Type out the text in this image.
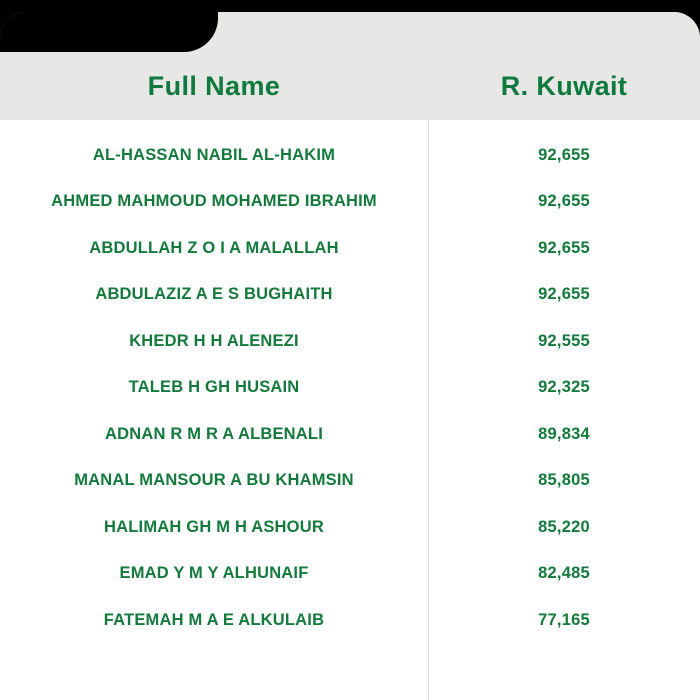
Full Name	R. Kuwait
AL-HASSAN NABIL AL-HAKIM	92,655
AHMED MAHMOUD MOHAMED IBRAHIM	92,655
ABDULLAH Z O I A MALALLAH	92,655
ABDULAZIZ A E S BUGHAITH	92,655
KHEDR H H ALENEZI	92,555
TALEB H GH HUSAIN	92,325
ADNAN R M R A ALBENALI	89,834
MANAL MANSOUR A BU KHAMSIN	85,805
HALIMAH GH M H ASHOUR	85,220
EMAD Y M Y ALHUNAIF	82,485
FATEMAH M A E ALKULAIB	77,165
